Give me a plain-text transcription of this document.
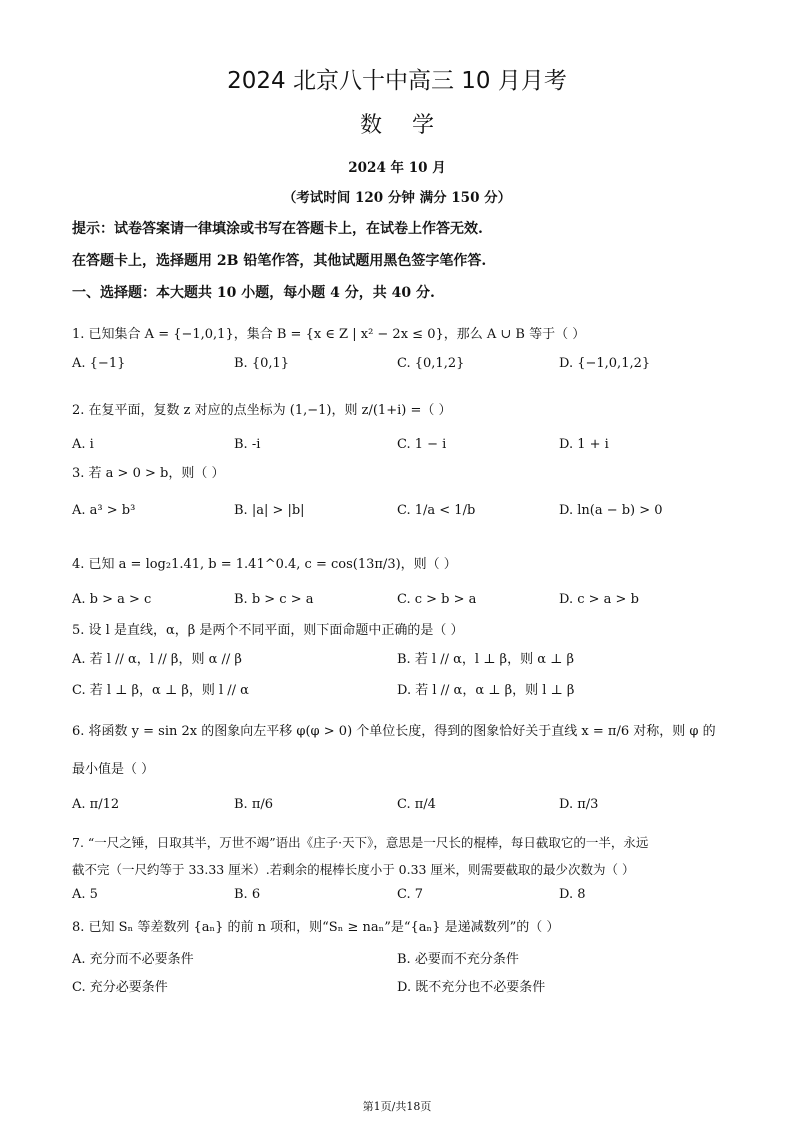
2024 北京八十中高三 10 月月考
数学
2024 年 10 月
（考试时间 120 分钟 满分 150 分）
提示：试卷答案请一律填涂或书写在答题卡上，在试卷上作答无效.
在答题卡上，选择题用 2B 铅笔作答，其他试题用黑色签字笔作答.
一、选择题：本大题共 10 小题，每小题 4 分，共 40 分.
1. 已知集合 A = {−1,0,1}，集合 B = {x ∈ Z | x² − 2x ≤ 0}，那么 A ∪ B 等于（ ）
A. {−1}	B. {0,1}	C. {0,1,2}	D. {−1,0,1,2}
2. 在复平面，复数 z 对应的点坐标为 (1,−1)，则 z/(1+i) =（ ）
A. i	B. -i	C. 1 − i	D. 1 + i
3. 若 a > 0 > b，则（ ）
A. a³ > b³	B. |a| > |b|	C. 1/a < 1/b	D. ln(a − b) > 0
4. 已知 a = log₂1.41, b = 1.41^0.4, c = cos(13π/3)，则（ ）
A. b > a > c	B. b > c > a	C. c > b > a	D. c > a > b
5. 设 l 是直线，α，β 是两个不同平面，则下面命题中正确的是（ ）
A. 若 l // α，l // β，则 α // β	B. 若 l // α，l ⊥ β，则 α ⊥ β
C. 若 l ⊥ β，α ⊥ β，则 l // α	D. 若 l // α，α ⊥ β，则 l ⊥ β
6. 将函数 y = sin 2x 的图象向左平移 φ(φ > 0) 个单位长度，得到的图象恰好关于直线 x = π/6 对称，则 φ 的
最小值是（ ）
A. π/12	B. π/6	C. π/4	D. π/3
7. “一尺之锤，日取其半，万世不竭”语出《庄子·天下》，意思是一尺长的棍棒，每日截取它的一半，永远
截不完（一尺约等于 33.33 厘米）.若剩余的棍棒长度小于 0.33 厘米，则需要截取的最少次数为（ ）
A. 5	B. 6	C. 7	D. 8
8. 已知 Sₙ 等差数列 {aₙ} 的前 n 项和，则“Sₙ ≥ naₙ”是“{aₙ} 是递减数列”的（ ）
A. 充分而不必要条件	B. 必要而不充分条件
C. 充分必要条件	D. 既不充分也不必要条件
第1页/共18页
